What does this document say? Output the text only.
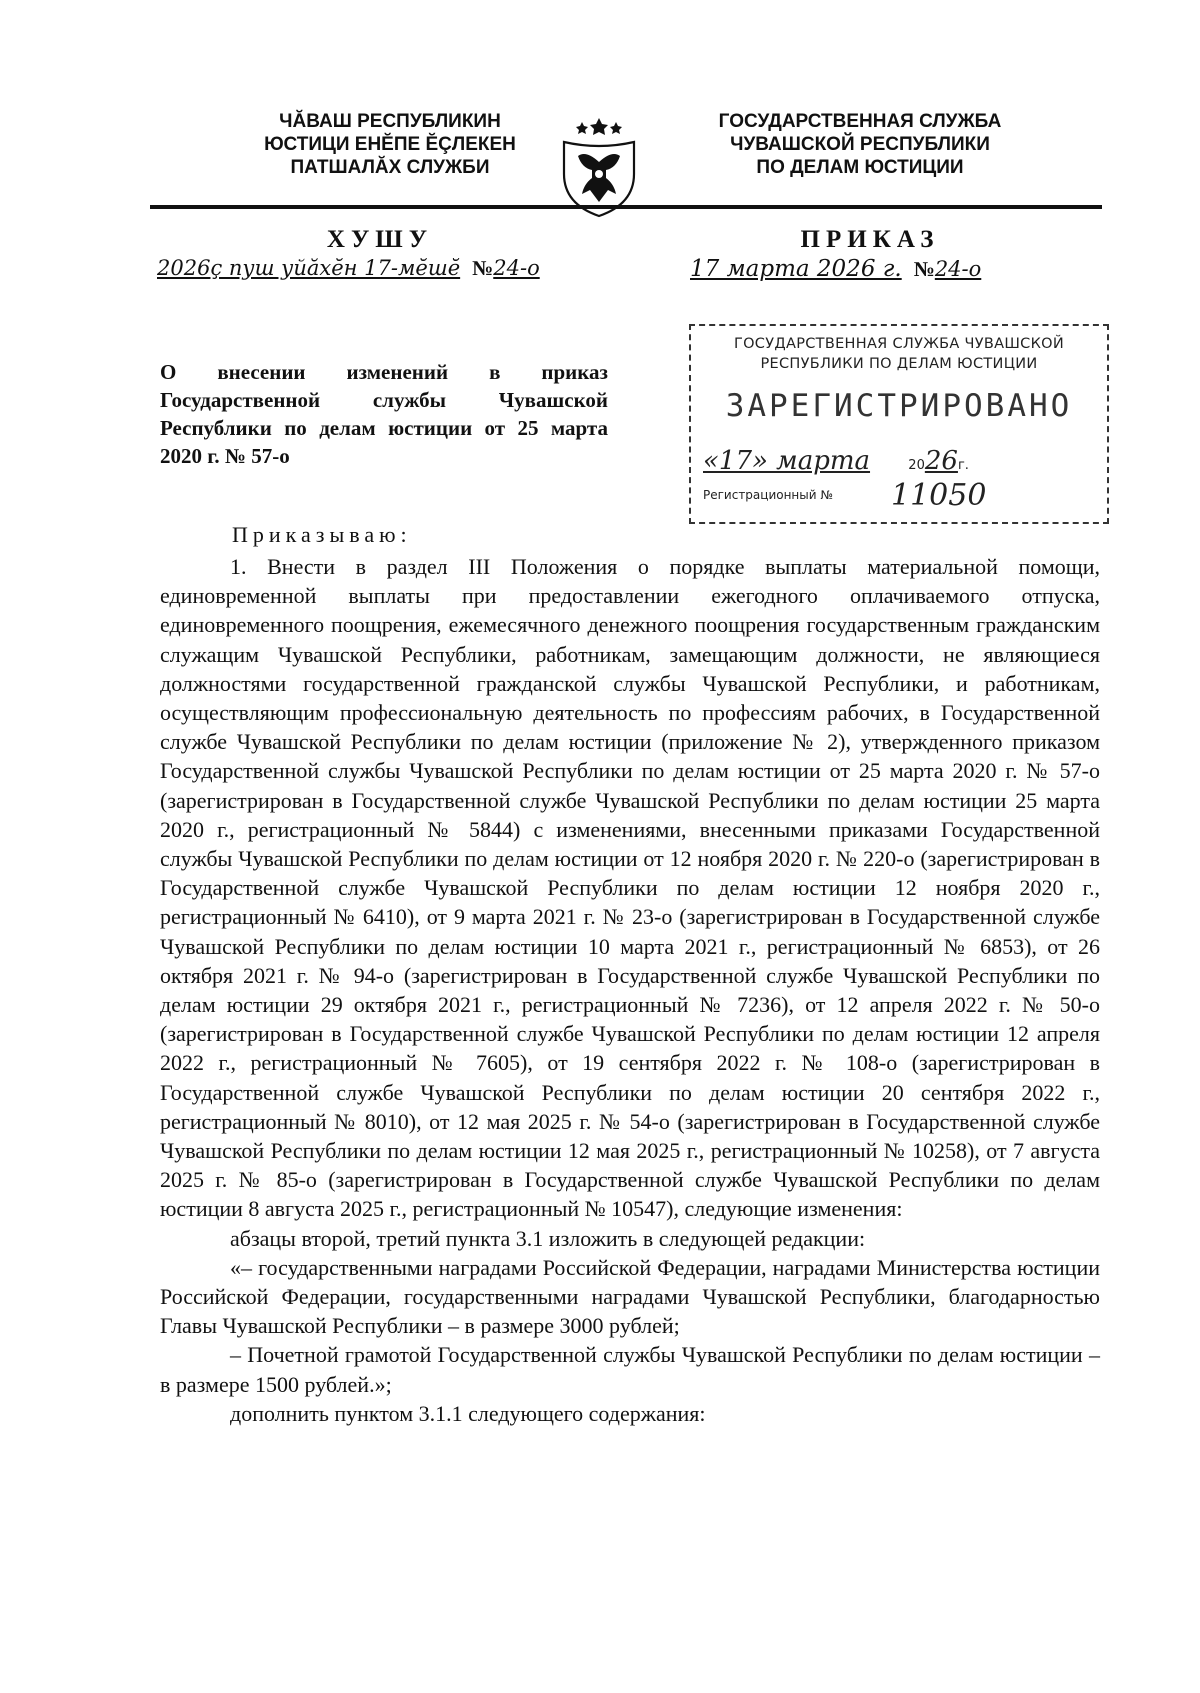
ЧĂВАШ РЕСПУБЛИКИН
ЮСТИЦИ ЕНĔПЕ ĔÇЛЕКЕН
ПАТШАЛĂХ СЛУЖБИ
ГОСУДАРСТВЕННАЯ СЛУЖБА
ЧУВАШСКОЙ РЕСПУБЛИКИ
ПО ДЕЛАМ ЮСТИЦИИ
ХУШУ
2026ç пуш уйăхĕн 17-мĕшĕ №24-о
ПРИКАЗ
17 марта 2026 г. №24-о
О внесении изменений в приказ Государственной службы Чувашской Республики по делам юстиции от 25 марта 2020 г. № 57-о
ГОСУДАРСТВЕННАЯ СЛУЖБА ЧУВАШСКОЙ
РЕСПУБЛИКИ ПО ДЕЛАМ ЮСТИЦИИ
ЗАРЕГИСТРИРОВАНО
«17» марта	2026г.
Регистрационный № 11050
Приказываю:

1. Внести в раздел III Положения о порядке выплаты материальной помощи, единовременной выплаты при предоставлении ежегодного оплачиваемого отпуска, единовременного поощрения, ежемесячного денежного поощрения государственным гражданским служащим Чувашской Республики, работникам, замещающим должности, не являющиеся должностями государственной гражданской службы Чувашской Республики, и работникам, осуществляющим профессиональную деятельность по профессиям рабочих, в Государственной службе Чувашской Республики по делам юстиции (приложение № 2), утвержденного приказом Государственной службы Чувашской Республики по делам юстиции от 25 марта 2020 г. № 57-о (зарегистрирован в Государственной службе Чувашской Республики по делам юстиции 25 марта 2020 г., регистрационный № 5844) с изменениями, внесенными приказами Государственной службы Чувашской Республики по делам юстиции от 12 ноября 2020 г. № 220-о (зарегистрирован в Государственной службе Чувашской Республики по делам юстиции 12 ноября 2020 г., регистрационный № 6410), от 9 марта 2021 г. № 23-о (зарегистрирован в Государственной службе Чувашской Республики по делам юстиции 10 марта 2021 г., регистрационный № 6853), от 26 октября 2021 г. № 94-о (зарегистрирован в Государственной службе Чувашской Республики по делам юстиции 29 октября 2021 г., регистрационный № 7236), от 12 апреля 2022 г. № 50-о (зарегистрирован в Государственной службе Чувашской Республики по делам юстиции 12 апреля 2022 г., регистрационный № 7605), от 19 сентября 2022 г. № 108-о (зарегистрирован в Государственной службе Чувашской Республики по делам юстиции 20 сентября 2022 г., регистрационный № 8010), от 12 мая 2025 г. № 54-о (зарегистрирован в Государственной службе Чувашской Республики по делам юстиции 12 мая 2025 г., регистрационный № 10258), от 7 августа 2025 г. № 85-о (зарегистрирован в Государственной службе Чувашской Республики по делам юстиции 8 августа 2025 г., регистрационный № 10547), следующие изменения:

абзацы второй, третий пункта 3.1 изложить в следующей редакции:

«– государственными наградами Российской Федерации, наградами Министерства юстиции Российской Федерации, государственными наградами Чувашской Республики, благодарностью Главы Чувашской Республики – в размере 3000 рублей;

– Почетной грамотой Государственной службы Чувашской Республики по делам юстиции – в размере 1500 рублей.»;

дополнить пунктом 3.1.1 следующего содержания:
